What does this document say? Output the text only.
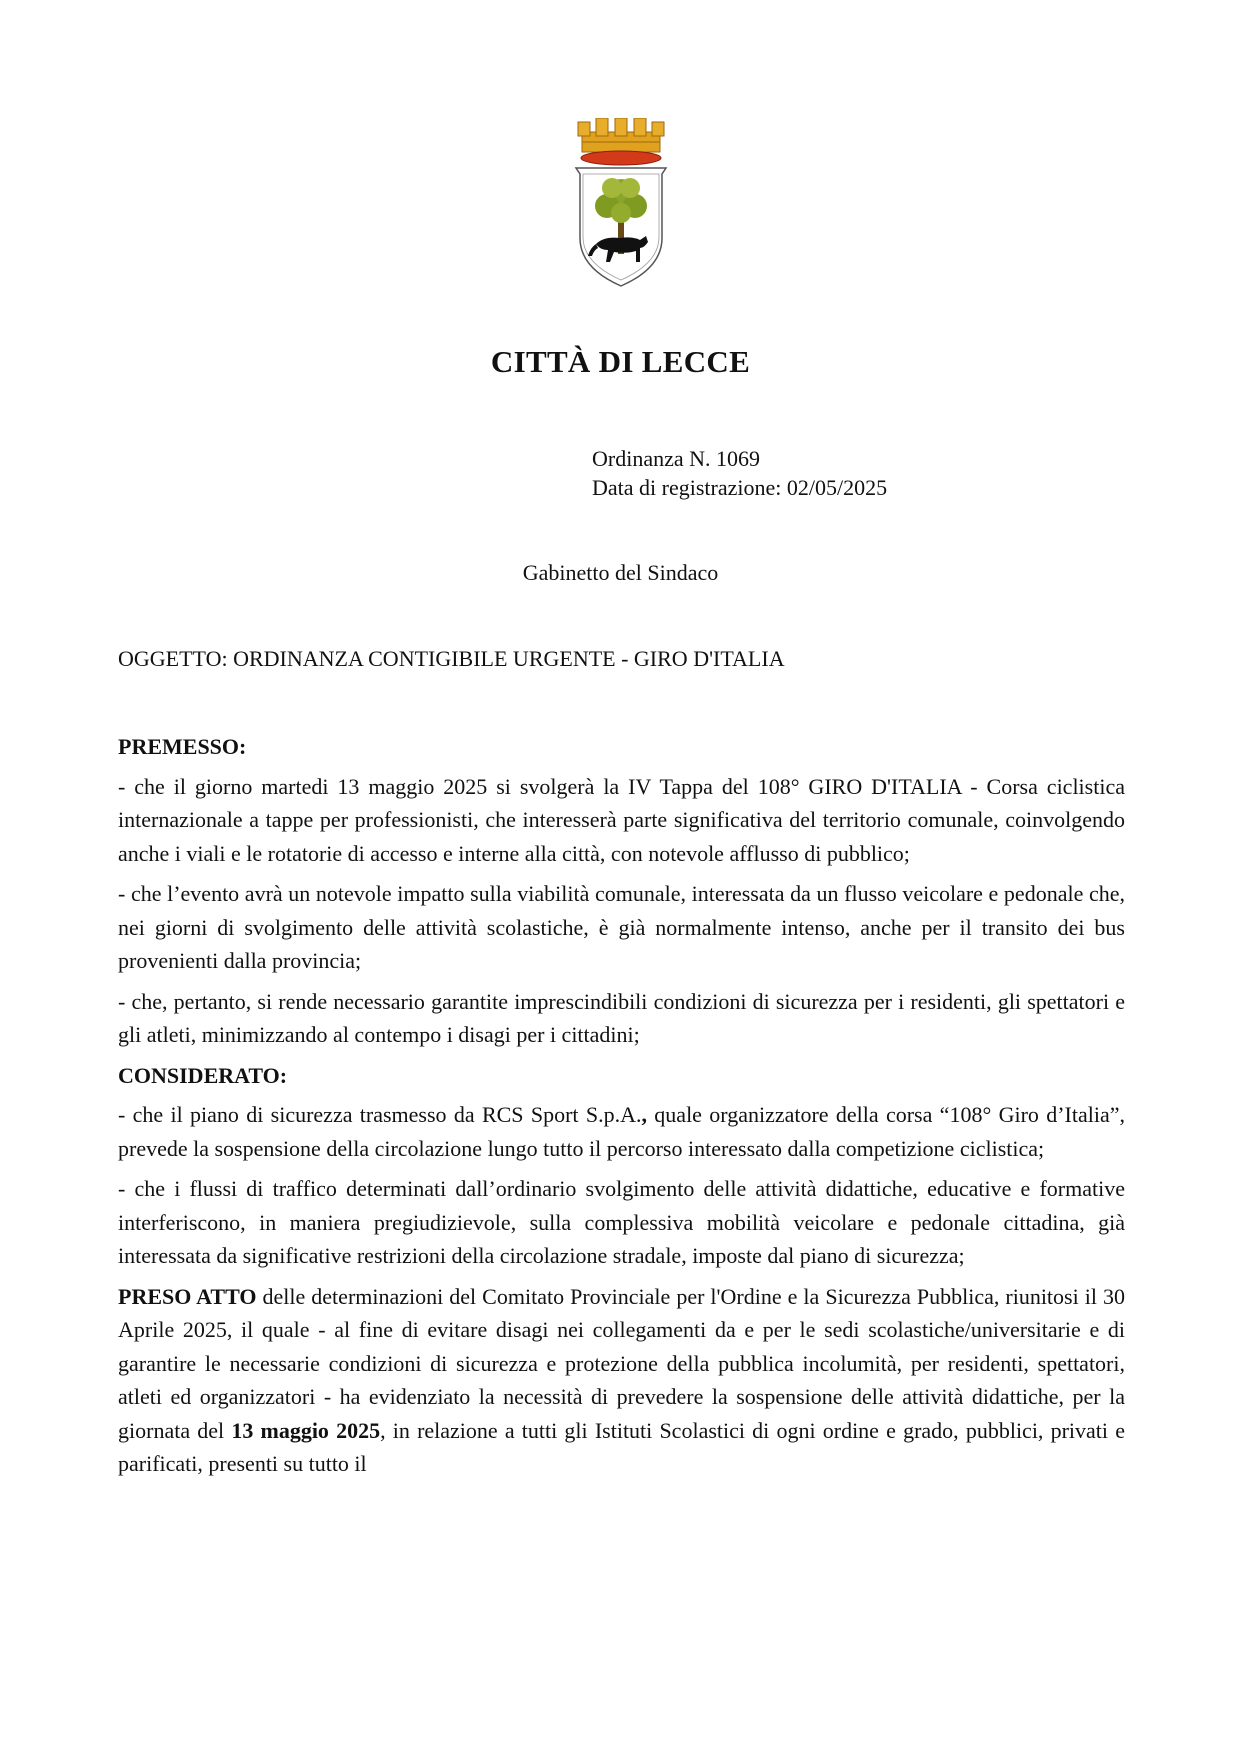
CITTÀ DI LECCE
Ordinanza N. 1069
Data di registrazione: 02/05/2025
Gabinetto del Sindaco
OGGETTO: ORDINANZA CONTIGIBILE URGENTE - GIRO D'ITALIA

PREMESSO:

- che il giorno martedi 13 maggio 2025 si svolgerà la IV Tappa del 108° GIRO D'ITALIA - Corsa ciclistica internazionale a tappe per professionisti, che interesserà parte significativa del territorio comunale, coinvolgendo anche i viali e le rotatorie di accesso e interne alla città, con notevole afflusso di pubblico;

- che l’evento avrà un notevole impatto sulla viabilità comunale, interessata da un flusso veicolare e pedonale che, nei giorni di svolgimento delle attività scolastiche, è già normalmente intenso, anche per il transito dei bus provenienti dalla provincia;

- che, pertanto, si rende necessario garantite imprescindibili condizioni di sicurezza per i residenti, gli spettatori e gli atleti, minimizzando al contempo i disagi per i cittadini;

CONSIDERATO:

- che il piano di sicurezza trasmesso da RCS Sport S.p.A., quale organizzatore della corsa “108° Giro d’Italia”, prevede la sospensione della circolazione lungo tutto il percorso interessato dalla competizione ciclistica;

- che i flussi di traffico determinati dall’ordinario svolgimento delle attività didattiche, educative e formative interferiscono, in maniera pregiudizievole, sulla complessiva mobilità veicolare e pedonale cittadina, già interessata da significative restrizioni della circolazione stradale, imposte dal piano di sicurezza;

PRESO ATTO delle determinazioni del Comitato Provinciale per l'Ordine e la Sicurezza Pubblica, riunitosi il 30 Aprile 2025, il quale - al fine di evitare disagi nei collegamenti da e per le sedi scolastiche/universitarie e di garantire le necessarie condizioni di sicurezza e protezione della pubblica incolumità, per residenti, spettatori, atleti ed organizzatori - ha evidenziato la necessità di prevedere la sospensione delle attività didattiche, per la giornata del 13 maggio 2025, in relazione a tutti gli Istituti Scolastici di ogni ordine e grado, pubblici, privati e parificati, presenti su tutto il
